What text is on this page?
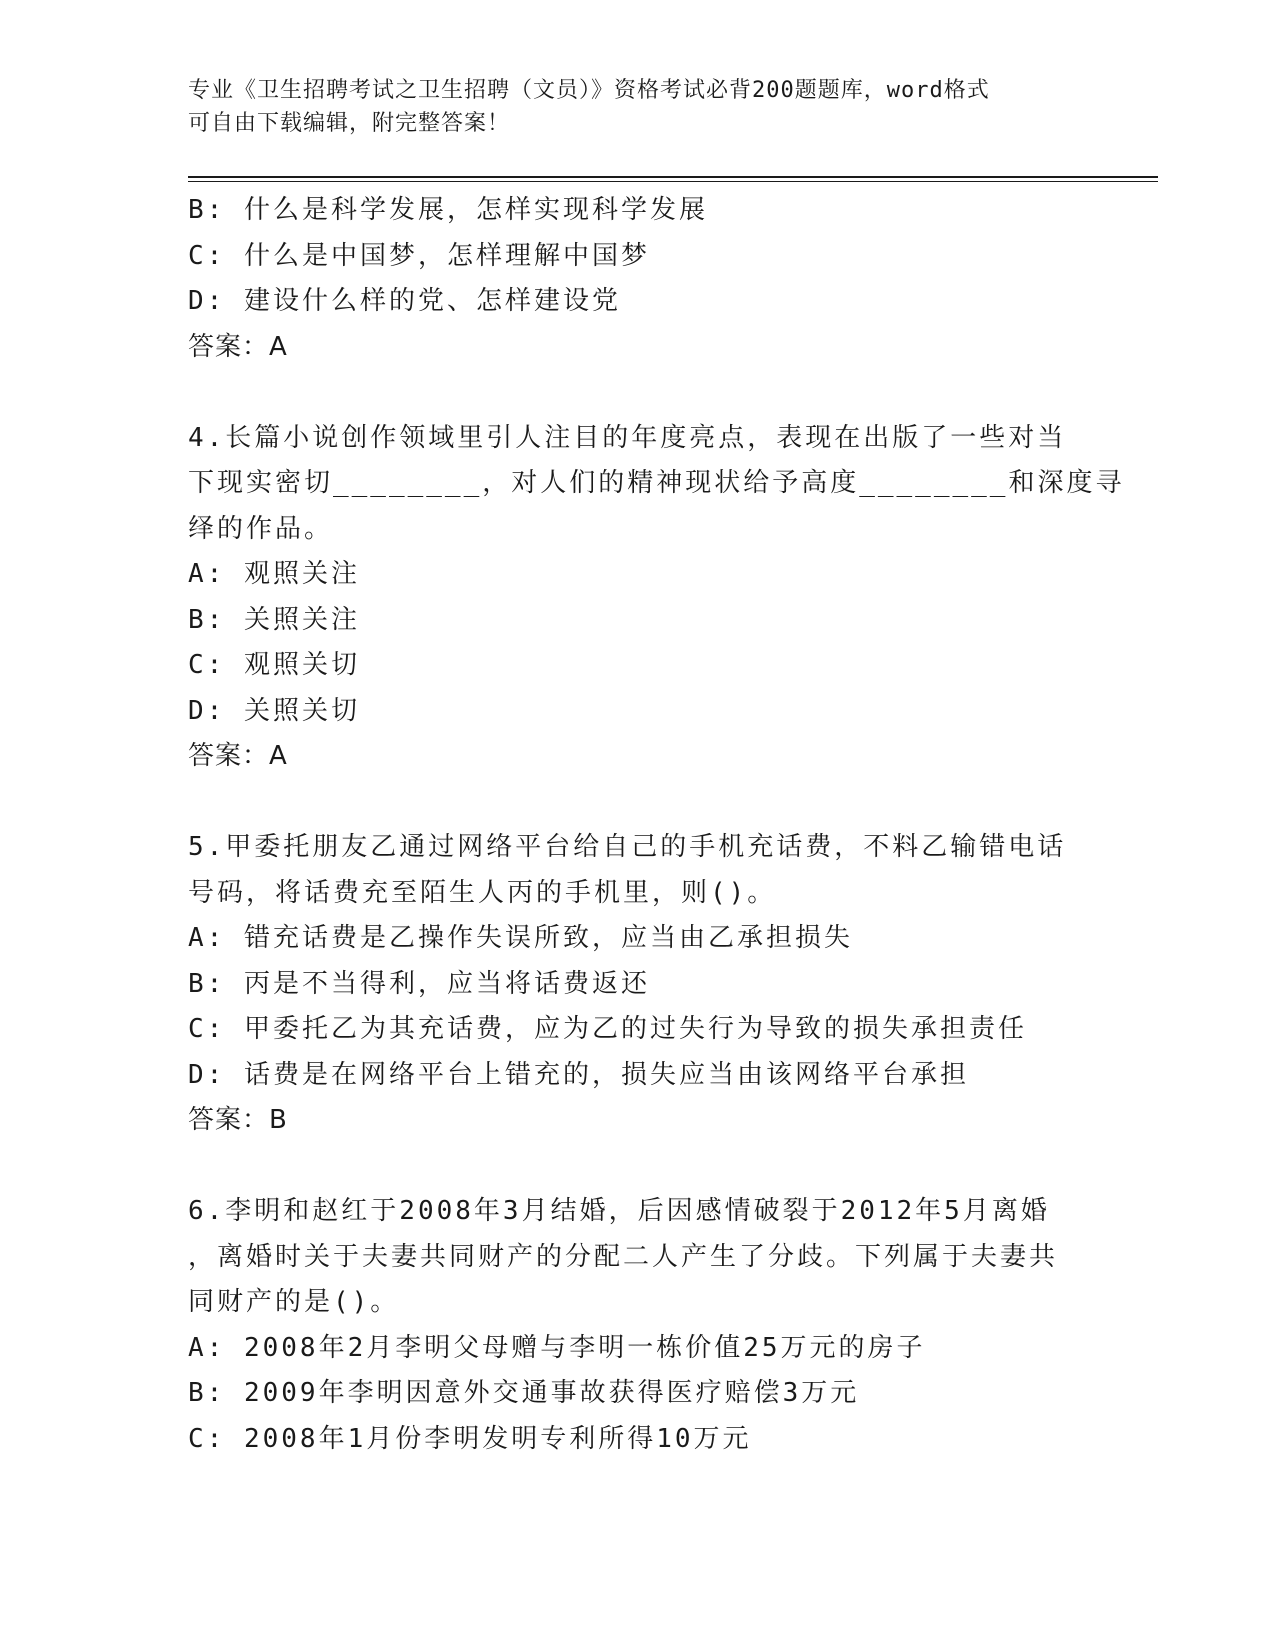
专业《卫生招聘考试之卫生招聘（文员）》资格考试必背200题题库，word格式
可自由下载编辑，附完整答案！
B: 什么是科学发展，怎样实现科学发展
C: 什么是中国梦，怎样理解中国梦
D: 建设什么样的党、怎样建设党
答案：A
4.长篇小说创作领域里引人注目的年度亮点，表现在出版了一些对当
下现实密切________，对人们的精神现状给予高度________和深度寻
绎的作品。
A: 观照关注
B: 关照关注
C: 观照关切
D: 关照关切
答案：A
5.甲委托朋友乙通过网络平台给自己的手机充话费，不料乙输错电话
号码，将话费充至陌生人丙的手机里，则()。
A: 错充话费是乙操作失误所致，应当由乙承担损失
B: 丙是不当得利，应当将话费返还
C: 甲委托乙为其充话费，应为乙的过失行为导致的损失承担责任
D: 话费是在网络平台上错充的，损失应当由该网络平台承担
答案：B
6.李明和赵红于2008年3月结婚，后因感情破裂于2012年5月离婚
，离婚时关于夫妻共同财产的分配二人产生了分歧。下列属于夫妻共
同财产的是()。
A: 2008年2月李明父母赠与李明一栋价值25万元的房子
B: 2009年李明因意外交通事故获得医疗赔偿3万元
C: 2008年1月份李明发明专利所得10万元
